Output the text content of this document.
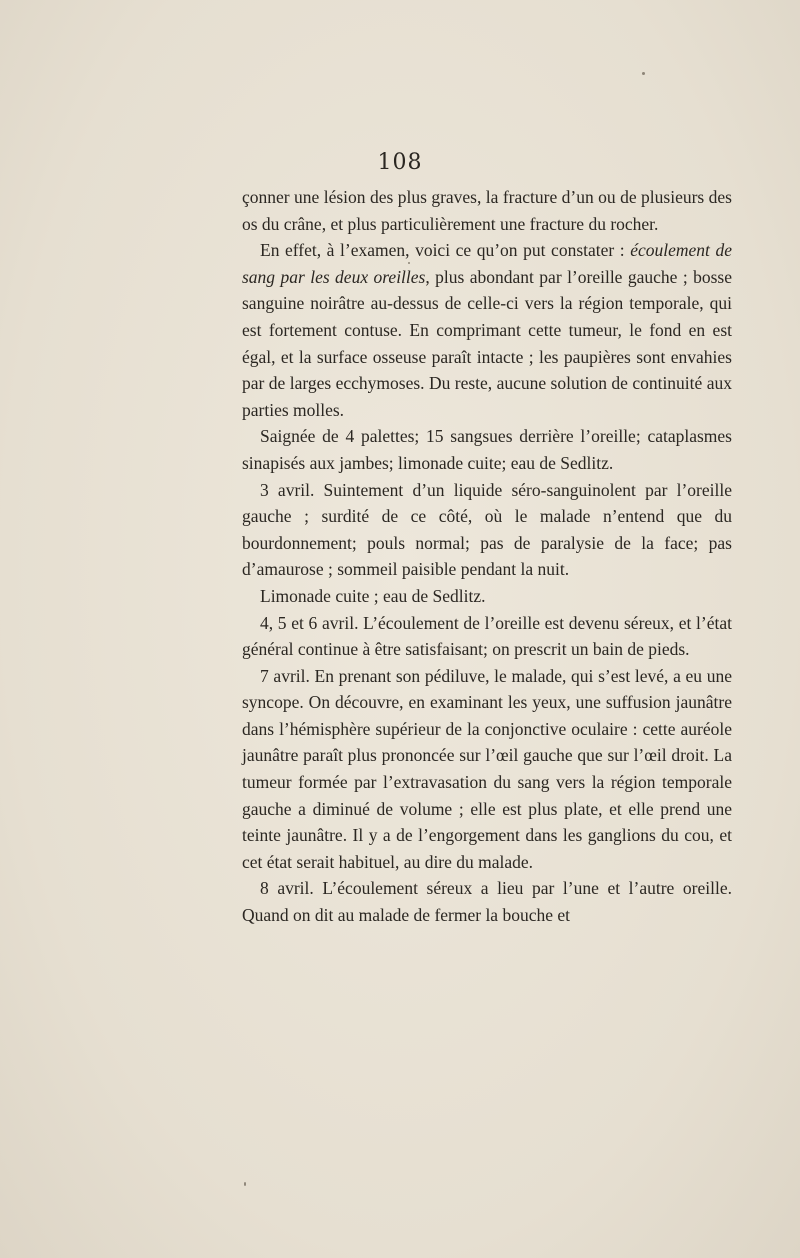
108

çonner une lésion des plus graves, la fracture d’un ou de plusieurs des os du crâne, et plus particulièrement une fracture du rocher.

En effet, à l’examen, voici ce qu’on put constater : écoulement de sang par les deux oreilles, plus abondant par l’oreille gauche ; bosse sanguine noirâtre au-dessus de celle-ci vers la région temporale, qui est fortement contuse. En comprimant cette tumeur, le fond en est égal, et la surface osseuse paraît intacte ; les paupières sont envahies par de larges ecchymoses. Du reste, aucune solution de continuité aux parties molles.

Saignée de 4 palettes; 15 sangsues derrière l’oreille; cataplasmes sinapisés aux jambes; limonade cuite; eau de Sedlitz.

3 avril. Suintement d’un liquide séro-sanguinolent par l’oreille gauche ; surdité de ce côté, où le malade n’entend que du bourdonnement; pouls normal; pas de paralysie de la face; pas d’amaurose ; sommeil paisible pendant la nuit.

Limonade cuite ; eau de Sedlitz.

4, 5 et 6 avril. L’écoulement de l’oreille est devenu séreux, et l’état général continue à être satisfaisant; on prescrit un bain de pieds.

7 avril. En prenant son pédiluve, le malade, qui s’est levé, a eu une syncope. On découvre, en examinant les yeux, une suffusion jaunâtre dans l’hémisphère supérieur de la conjonctive oculaire : cette auréole jaunâtre paraît plus prononcée sur l’œil gauche que sur l’œil droit. La tumeur formée par l’extravasation du sang vers la région temporale gauche a diminué de volume ; elle est plus plate, et elle prend une teinte jaunâtre. Il y a de l’engorgement dans les ganglions du cou, et cet état serait habituel, au dire du malade.

8 avril. L’écoulement séreux a lieu par l’une et l’autre oreille. Quand on dit au malade de fermer la bouche et
